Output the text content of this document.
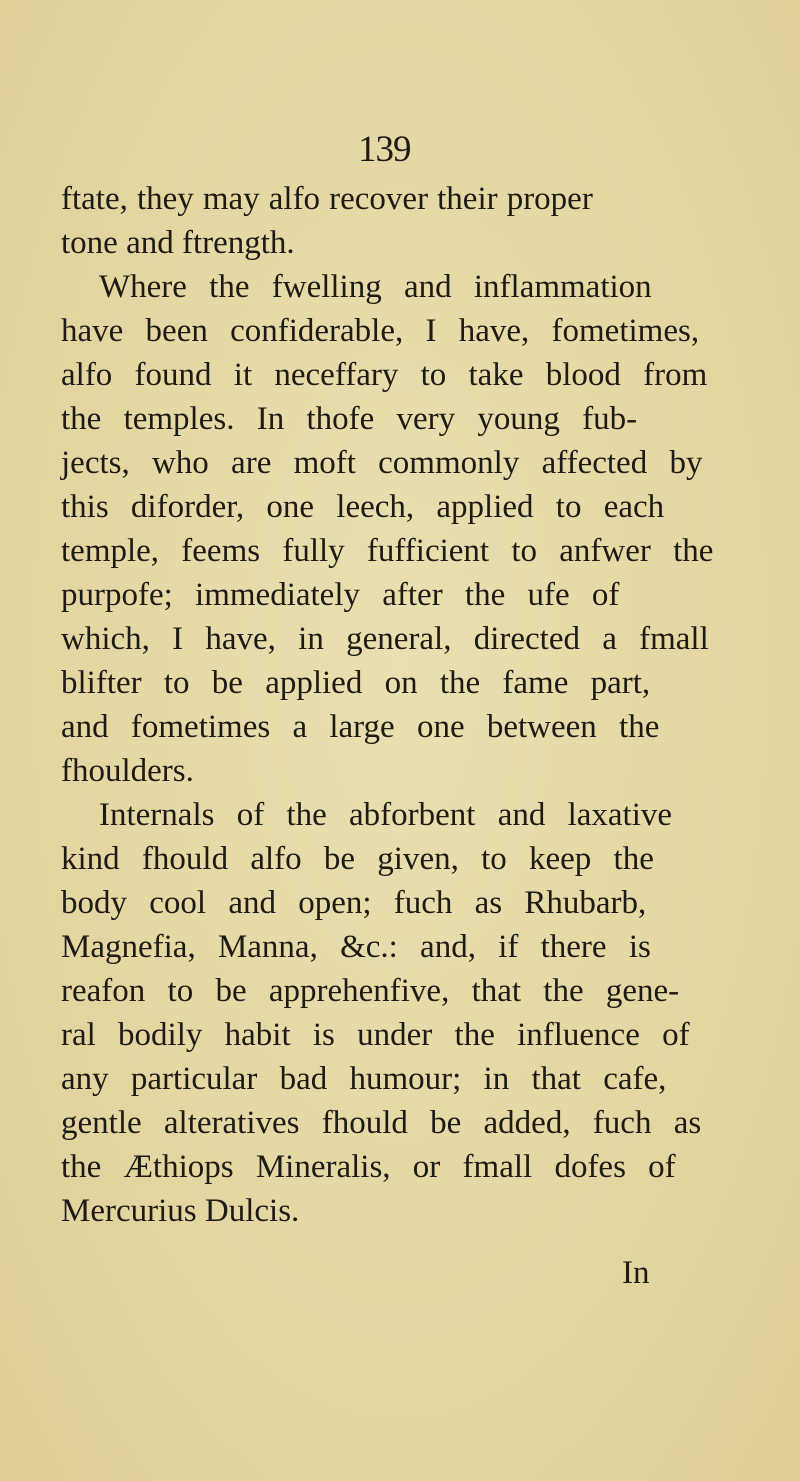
139
ftate, they may alfo recover their proper
tone and ftrength.
Where the fwelling and inflammation
have been confiderable, I have, fometimes,
alfo found it neceffary to take blood from
the temples. In thofe very young fub-
jects, who are moft commonly affected by
this diforder, one leech, applied to each
temple, feems fully fufficient to anfwer the
purpofe; immediately after the ufe of
which, I have, in general, directed a fmall
blifter to be applied on the fame part,
and fometimes a large one between the
fhoulders.
Internals of the abforbent and laxative
kind fhould alfo be given, to keep the
body cool and open; fuch as Rhubarb,
Magnefia, Manna, &c.: and, if there is
reafon to be apprehenfive, that the gene-
ral bodily habit is under the influence of
any particular bad humour; in that cafe,
gentle alteratives fhould be added, fuch as
the Æthiops Mineralis, or fmall dofes of
Mercurius Dulcis.
In
